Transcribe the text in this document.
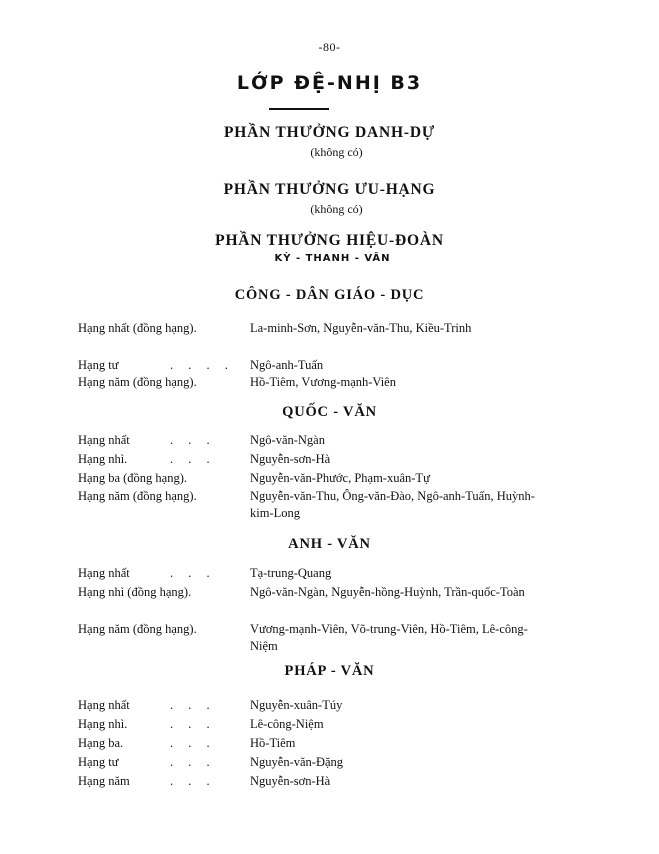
-80-
LỚP ĐỆ-NHỊ B3
PHẦN THƯỞNG DANH-DỰ
(không có)
PHẦN THƯỞNG ƯU-HẠNG
(không có)
PHẦN THƯỞNG HIỆU-ĐOÀN
KỲ - THANH - VÂN
CÔNG - DÂN GIÁO - DỤC
Hạng nhất (đồng hạng).	La-minh-Sơn, Nguyễn-văn-Thu, Kiều-Trinh
Hạng tư	. . . .	Ngô-anh-Tuấn
Hạng năm (đồng hạng).	Hồ-Tiêm, Vương-mạnh-Viên
QUỐC - VĂN
Hạng nhất	. . .	Ngô-văn-Ngàn
Hạng nhì.	. . .	Nguyễn-sơn-Hà
Hạng ba (đồng hạng).	Nguyễn-văn-Phước, Phạm-xuân-Tự
Hạng năm (đồng hạng).	Nguyễn-văn-Thu, Ông-văn-Đào, Ngô-anh-Tuấn, Huỳnh-kim-Long
ANH - VĂN
Hạng nhất	. . .	Tạ-trung-Quang
Hạng nhì (đồng hạng).	Ngô-văn-Ngàn, Nguyễn-hồng-Huỳnh, Trần-quốc-Toàn
Hạng năm (đồng hạng).	Vương-mạnh-Viên, Võ-trung-Viên, Hồ-Tiêm, Lê-công-Niệm
PHÁP - VĂN
Hạng nhất	. . .	Nguyễn-xuân-Túy
Hạng nhì.	. . .	Lê-công-Niệm
Hạng ba.	. . .	Hồ-Tiêm
Hạng tư	. . .	Nguyễn-văn-Đặng
Hạng năm	. . .	Nguyễn-sơn-Hà
